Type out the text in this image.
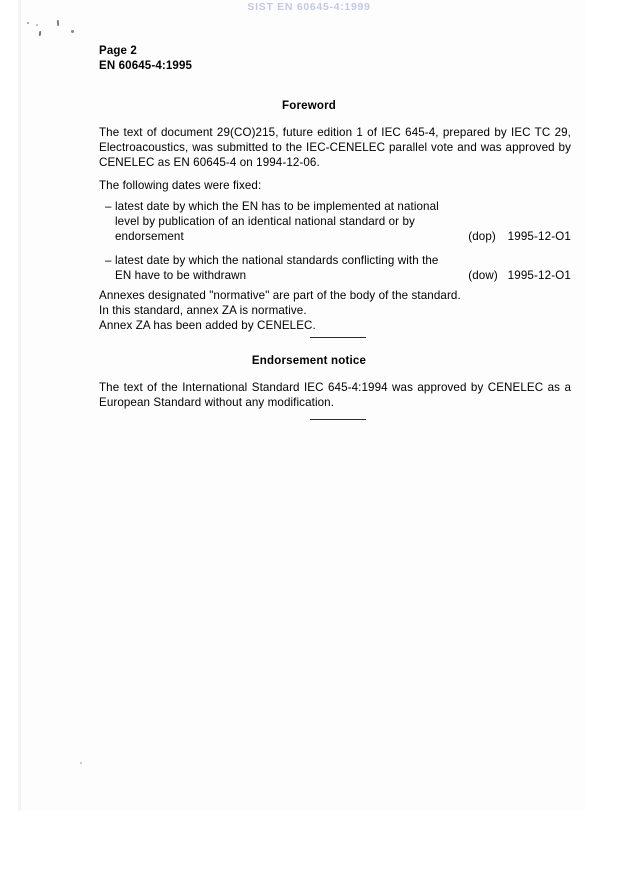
SIST EN 60645-4:1999
Page 2
EN 60645-4:1995
Foreword
The text of document 29(CO)215, future edition 1 of IEC 645-4, prepared by IEC TC 29, Electroacoustics, was submitted to the IEC-CENELEC parallel vote and was approved by CENELEC as EN 60645-4 on 1994-12-06.
The following dates were fixed:
– latest date by which the EN has to be implemented at national level by publication of an identical national standard or by endorsement	(dop) 1995-12-O1
– latest date by which the national standards conflicting with the EN have to be withdrawn	(dow) 1995-12-O1
Annexes designated "normative" are part of the body of the standard.
In this standard, annex ZA is normative.
Annex ZA has been added by CENELEC.
Endorsement notice
The text of the International Standard IEC 645-4:1994 was approved by CENELEC as a European Standard without any modification.
